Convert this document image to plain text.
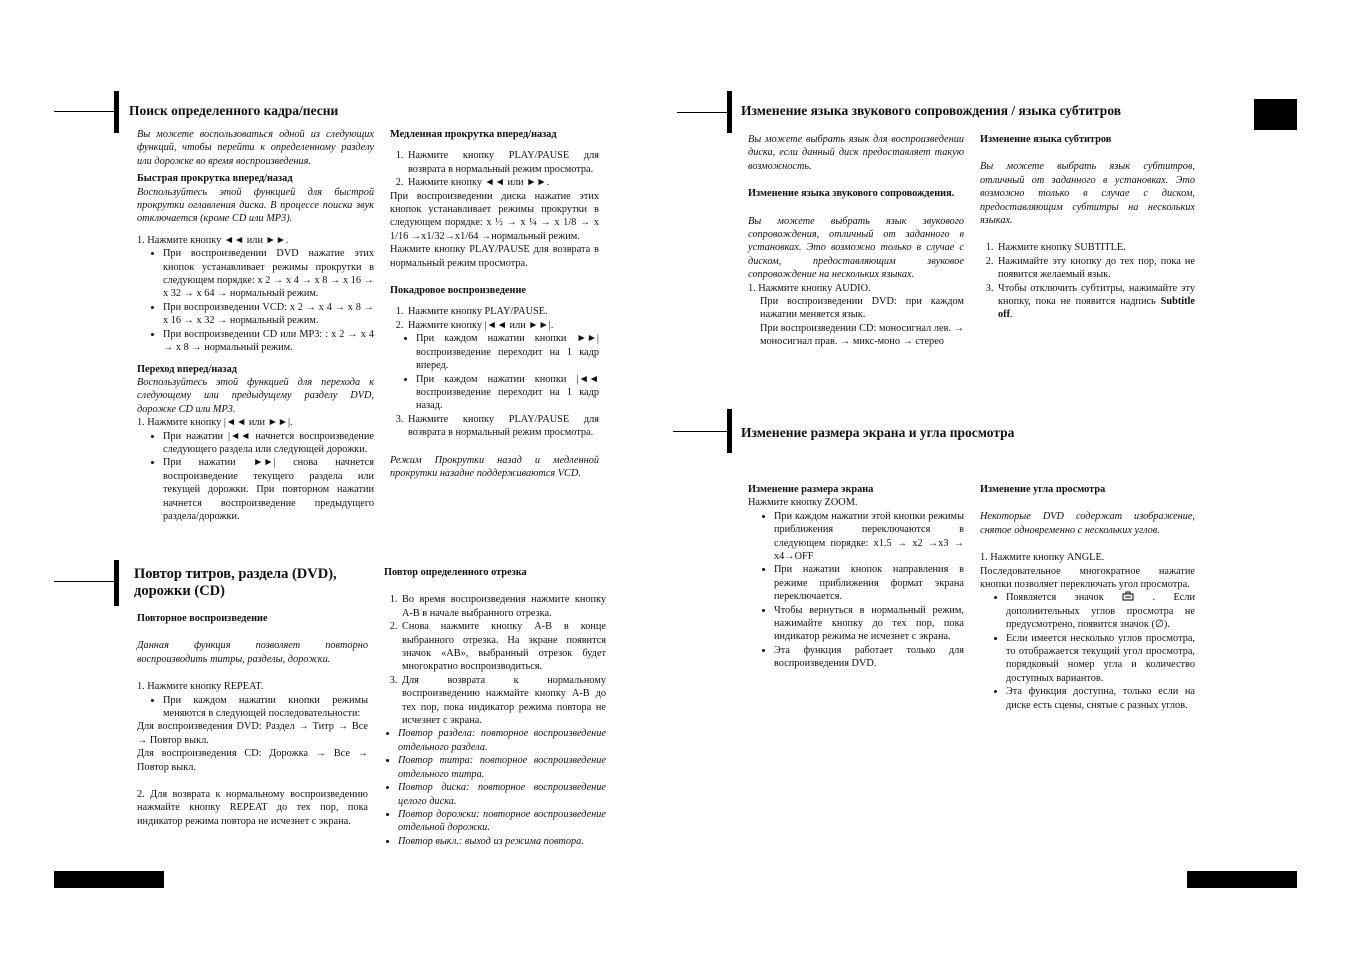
Поиск определенного кадра/песни

Вы можете воспользоваться одной из следующих функций, чтобы перейти к определенному разделу или дорожке во время воспроизведения.

Быстрая прокрутка вперед/назад

Воспользуйтесь этой функцией для быстрой прокрутки оглавления диска. В процессе поиска звук отключается (кроме CD или MP3).

1. Нажмите кнопку ◄◄ или ►►.

• При воспроизведении DVD нажатие этих кнопок устанавливает режимы прокрутки в следующем порядке: x 2 → x 4 → x 8 → x 16 → x 32 → x 64 → нормальный режим.
• При воспроизведении VCD: x 2 → x 4 → x 8 → x 16 → x 32 → нормальный режим.
• При воспроизведении CD или MP3: : x 2 → x 4 → x 8 → нормальный режим.

Переход вперед/назад

Воспользуйтесь этой функцией для перехода к следующему или предыдущему разделу DVD, дорожке CD или MP3.

1. Нажмите кнопку |◄◄ или ►►|.

• При нажатии |◄◄ начнется воспроизведение следующего раздела или следующей дорожки.
• При нажатии ►►| снова начнется воспроизведение текущего раздела или текущей дорожки. При повторном нажатии начнется воспроизведение предыдущего раздела/дорожки.

Медленная прокрутка вперед/назад

1. Нажмите кнопку PLAY/PAUSE для возврата в нормальный режим просмотра.
2. Нажмите кнопку ◄◄ или ►►.

При воспроизведении диска нажатие этих кнопок устанавливает режимы прокрутки в следующем порядке: x ½ → x ¼ → x 1/8 → x 1/16 →x1/32→x1/64 →нормальный режим.

Нажмите кнопку PLAY/PAUSE для возврата в нормальный режим просмотра.

Покадровое воспроизведение

1. Нажмите кнопку PLAY/PAUSE.
2. Нажмите кнопку |◄◄ или ►►|.
• При каждом нажатии кнопки ►►| воспроизведение переходит на 1 кадр вперед.
• При каждом нажатии кнопки |◄◄ воспроизведение переходит на 1 кадр назад.
3. Нажмите кнопку PLAY/PAUSE для возврата в нормальный режим просмотра.

Режим Прокрутки назад и медленной прокрутки назадне поддерживаются VCD.

Повтор титров, раздела (DVD),
дорожки (CD)

Повторное воспроизведение

Данная функция позволяет повторно воспроизводить титры, разделы, дорожки.

1. Нажмите кнопку REPEAT.

• При каждом нажатии кнопки режимы меняются в следующей последовательности:

Для воспроизведения DVD: Раздел → Титр → Все → Повтор выкл.

Для воспроизведения CD: Дорожка → Все → Повтор выкл.

2. Для возврата к нормальному воспроизведению нажмайте кнопку REPEAT до тех пор, пока индикатор режима повтора не исчезнет с экрана.

Повтор определенного отрезка

1. Во время воспроизведения нажмите кнопку A-B в начале выбранного отрезка.
2. Снова нажмите кнопку A-B в конце выбранного отрезка. На экране появится значок «AB», выбранный отрезок будет многократно воспроизводиться.
3. Для возврата к нормальному воспроизведению нажмайте кнопку A-B до тех пор, пока индикатор режима повтора не исчезнет с экрана.
• Повтор раздела: повторное воспроизведение отдельного раздела.
• Повтор титра: повторное воспроизведение отдельного титра.
• Повтор диска: повторное воспроизведение целого диска.
• Повтор дорожки: повторное воспроизведение отдельной дорожки.
• Повтор выкл.: выход из режима повтора.
Изменение языка звукового сопровождения / языка субтитров

Вы можете выбрать язык для воспроизведении диска, если данный диск предоставляет такую возможность.

Изменение языка звукового сопровождения.

Вы можете выбрать язык звукового сопровождения, отличный от заданного в установках. Это возможно только в случае с диском, предоставляющим звуковое сопровождение на нескольких языках.

1. Нажмите кнопку AUDIO.

При воспроизведении DVD: при каждом нажатии меняется язык.

При воспроизведении CD: моносигнал лев. → моносигнал прав. → микс-моно → стерео

Изменение языка субтитров

Вы можете выбрать язык субтитров, отличный от заданного в установках. Это возможно только в случае с диском, предоставляющим субтитры на нескольких языках.

1. Нажмите кнопку SUBTITLE.
2. Нажимайте эту кнопку до тех пор, пока не появится желаемый язык.
3. Чтобы отключить субтитры, нажимайте эту кнопку, пока не появится надпись Subtitle off.
Изменение размера экрана и угла просмотра

Изменение размера экрана

Нажмите кнопку ZOOM.

• При каждом нажатии этой кнопки режимы приближения переключаются в следующем порядке: x1.5 → x2 →x3 → x4→OFF
• При нажатии кнопок направления в режиме приближения формат экрана переключается.
• Чтобы вернуться в нормальный режим, нажимайте кнопку до тех пор, пока индикатор режима не исчезнет с экрана.
• Эта функция работает только для воспроизведения DVD.

Изменение угла просмотра

Некоторые DVD содержат изображение, снятое одновременно с нескольких углов.

1. Нажмите кнопку ANGLE.

Последовательное многократное нажатие кнопки позволяет переключать угол просмотра.

• Появляется значок  . Если дополнительных углов просмотра не предусмотрено, появится значок (∅).
• Если имеется несколько углов просмотра, то отображается текущий угол просмотра, порядковый номер угла и количество доступных вариантов.
• Эта функция доступна, только если на диске есть сцены, снятые с разных углов.
